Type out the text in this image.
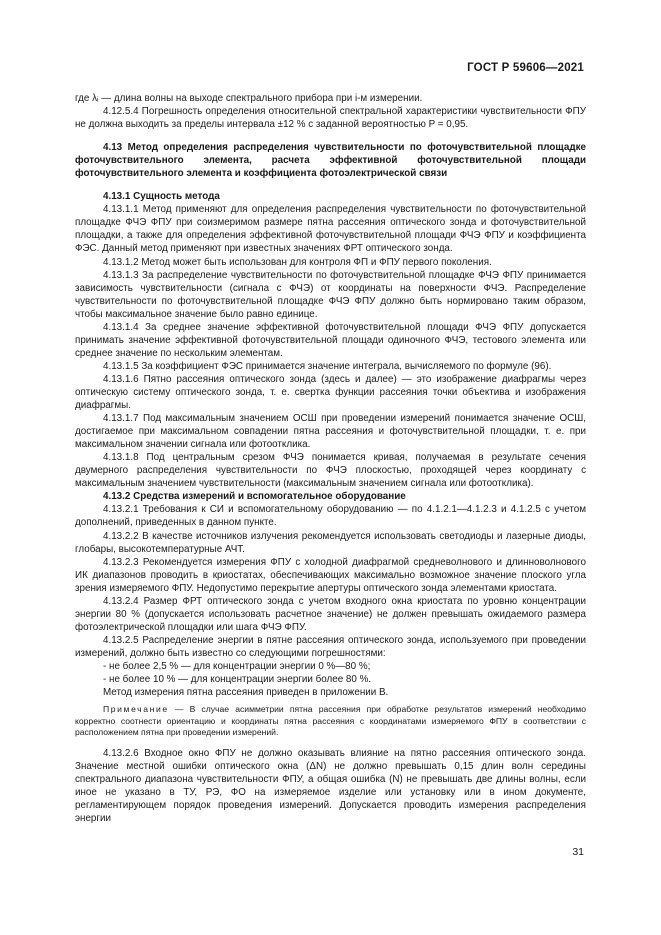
ГОСТ Р 59606—2021

где λᵢ — длина волны на выходе спектрального прибора при i-м измерении.

4.12.5.4 Погрешность определения относительной спектральной характеристики чувствительности ФПУ не должна выходить за пределы интервала ±12 % с заданной вероятностью P = 0,95.

4.13 Метод определения распределения чувствительности по фоточувствительной площадке фоточувствительного элемента, расчета эффективной фоточувствительной площади фоточувствительного элемента и коэффициента фотоэлектрической связи

4.13.1 Сущность метода

4.13.1.1 Метод применяют для определения распределения чувствительности по фоточувствительной площадке ФЧЭ ФПУ при соизмеримом размере пятна рассеяния оптического зонда и фоточувствительной площадки, а также для определения эффективной фоточувствительной площади ФЧЭ ФПУ и коэффициента ФЭС. Данный метод применяют при известных значениях ФРТ оптического зонда.

4.13.1.2 Метод может быть использован для контроля ФП и ФПУ первого поколения.

4.13.1.3 За распределение чувствительности по фоточувствительной площадке ФЧЭ ФПУ принимается зависимость чувствительности (сигнала с ФЧЭ) от координаты на поверхности ФЧЭ. Распределение чувствительности по фоточувствительной площадке ФЧЭ ФПУ должно быть нормировано таким образом, чтобы максимальное значение было равно единице.

4.13.1.4 За среднее значение эффективной фоточувствительной площади ФЧЭ ФПУ допускается принимать значение эффективной фоточувствительной площади одиночного ФЧЭ, тестового элемента или среднее значение по нескольким элементам.

4.13.1.5 За коэффициент ФЭС принимается значение интеграла, вычисляемого по формуле (96).

4.13.1.6 Пятно рассеяния оптического зонда (здесь и далее) — это изображение диафрагмы через оптическую систему оптического зонда, т. е. свертка функции рассеяния точки объектива и изображения диафрагмы.

4.13.1.7 Под максимальным значением ОСШ при проведении измерений понимается значение ОСШ, достигаемое при максимальном совпадении пятна рассеяния и фоточувствительной площадки, т. е. при максимальном значении сигнала или фотоотклика.

4.13.1.8 Под центральным срезом ФЧЭ понимается кривая, получаемая в результате сечения двумерного распределения чувствительности по ФЧЭ плоскостью, проходящей через координату с максимальным значением чувствительности (максимальным значением сигнала или фотоотклика).

4.13.2 Средства измерений и вспомогательное оборудование

4.13.2.1 Требования к СИ и вспомогательному оборудованию — по 4.1.2.1—4.1.2.3 и 4.1.2.5 с учетом дополнений, приведенных в данном пункте.

4.13.2.2 В качестве источников излучения рекомендуется использовать светодиоды и лазерные диоды, глобары, высокотемпературные АЧТ.

4.13.2.3 Рекомендуется измерения ФПУ с холодной диафрагмой средневолнового и длинноволнового ИК диапазонов проводить в криостатах, обеспечивающих максимально возможное значение плоского угла зрения измеряемого ФПУ. Недопустимо перекрытие апертуры оптического зонда элементами криостата.

4.13.2.4 Размер ФРТ оптического зонда с учетом входного окна криостата по уровню концентрации энергии 80 % (допускается использовать расчетное значение) не должен превышать ожидаемого размера фотоэлектрической площадки или шага ФЧЭ ФПУ.

4.13.2.5 Распределение энергии в пятне рассеяния оптического зонда, используемого при проведении измерений, должно быть известно со следующими погрешностями:

- не более 2,5 % — для концентрации энергии 0 %—80 %;

- не более 10 % — для концентрации энергии более 80 %.

Метод измерения пятна рассеяния приведен в приложении В.

Примечание — В случае асимметрии пятна рассеяния при обработке результатов измерений необходимо корректно соотнести ориентацию и координаты пятна рассеяния с координатами измеряемого ФПУ в соответствии с расположением пятна при проведении измерений.

4.13.2.6 Входное окно ФПУ не должно оказывать влияние на пятно рассеяния оптического зонда. Значение местной ошибки оптического окна (ΔN) не должно превышать 0,15 длин волн середины спектрального диапазона чувствительности ФПУ, а общая ошибка (N) не превышать две длины волны, если иное не указано в ТУ, РЭ, ФО на измеряемое изделие или установку или в ином документе, регламентирующем порядок проведения измерений. Допускается проводить измерения распределения энергии

31
